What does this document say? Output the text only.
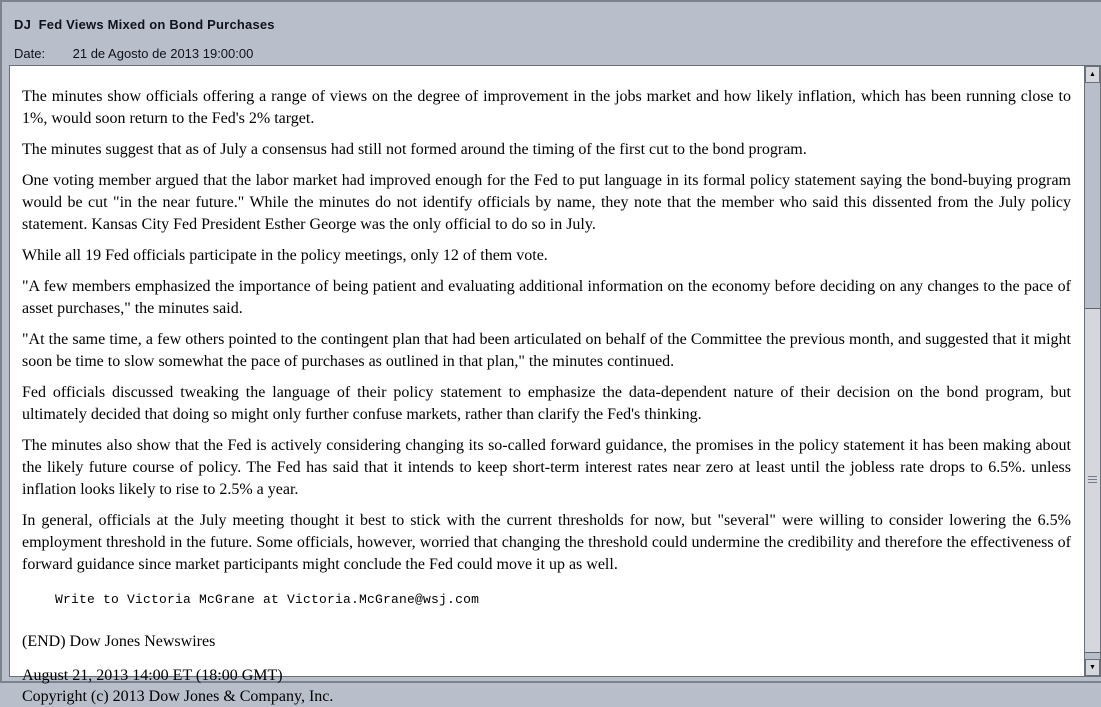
DJ  Fed Views Mixed on Bond Purchases
Date: 21 de Agosto de 2013 19:00:00

The minutes show officials offering a range of views on the degree of improvement in the jobs market and how likely inflation, which has been running close to 1%, would soon return to the Fed's 2% target.

The minutes suggest that as of July a consensus had still not formed around the timing of the first cut to the bond program.

One voting member argued that the labor market had improved enough for the Fed to put language in its formal policy statement saying the bond-buying program would be cut "in the near future." While the minutes do not identify officials by name, they note that the member who said this dissented from the July policy statement. Kansas City Fed President Esther George was the only official to do so in July.

While all 19 Fed officials participate in the policy meetings, only 12 of them vote.

"A few members emphasized the importance of being patient and evaluating additional information on the economy before deciding on any changes to the pace of asset purchases," the minutes said.

"At the same time, a few others pointed to the contingent plan that had been articulated on behalf of the Committee the previous month, and suggested that it might soon be time to slow somewhat the pace of purchases as outlined in that plan," the minutes continued.

Fed officials discussed tweaking the language of their policy statement to emphasize the data-dependent nature of their decision on the bond program, but ultimately decided that doing so might only further confuse markets, rather than clarify the Fed's thinking.

The minutes also show that the Fed is actively considering changing its so-called forward guidance, the promises in the policy statement it has been making about the likely future course of policy. The Fed has said that it intends to keep short-term interest rates near zero at least until the jobless rate drops to 6.5%. unless inflation looks likely to rise to 2.5% a year.

In general, officials at the July meeting thought it best to stick with the current thresholds for now, but "several" were willing to consider lowering the 6.5% employment threshold in the future. Some officials, however, worried that changing the threshold could undermine the credibility and therefore the effectiveness of forward guidance since market participants might conclude the Fed could move it up as well.

Write to Victoria McGrane at Victoria.McGrane@wsj.com

(END) Dow Jones Newswires

August 21, 2013 14:00 ET (18:00 GMT)

Copyright (c) 2013 Dow Jones & Company, Inc.

▲
▼
